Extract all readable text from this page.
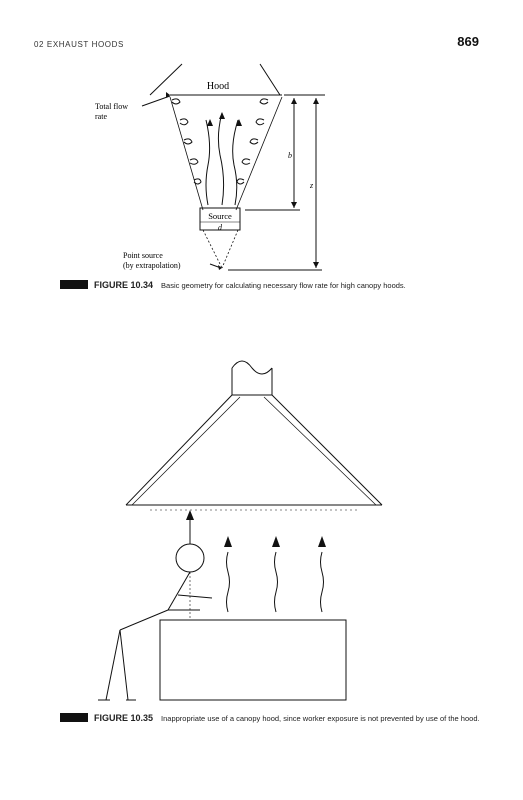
02 EXHAUST HOODS	869
Hood
Total flow
rate
b
z
Source
d
Point source
(by extrapolation)
FIGURE 10.34 Basic geometry for calculating necessary flow rate for high canopy hoods.
FIGURE 10.35 Inappropriate use of a canopy hood, since worker exposure is not prevented by use of the hood.
